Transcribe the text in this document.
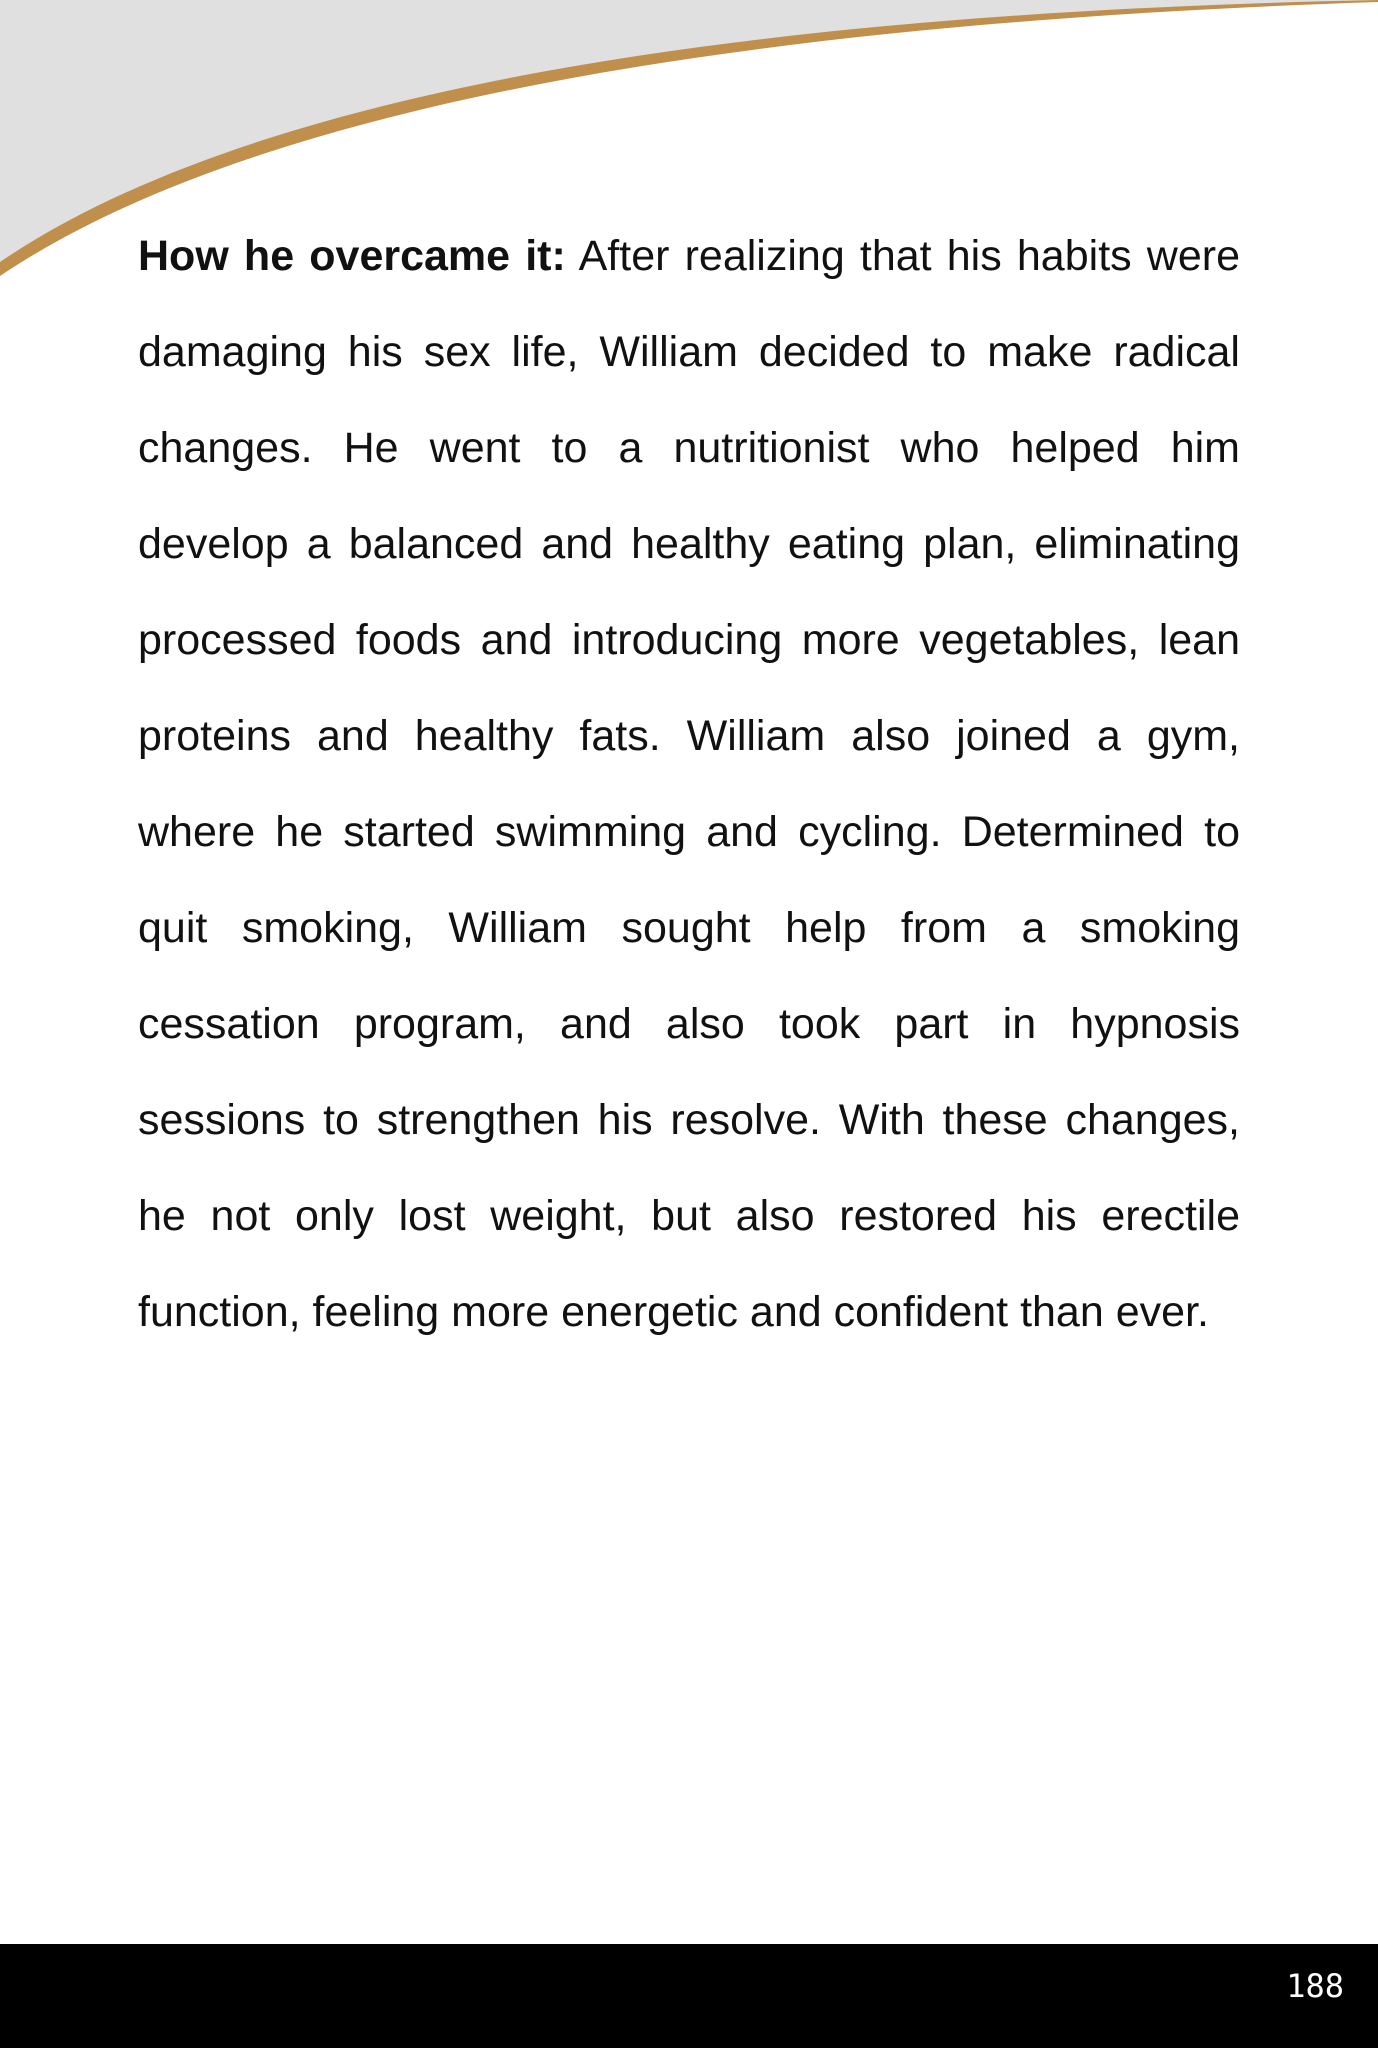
How he overcame it: After realizing that his habits were damaging his sex life, William decided to make radical changes. He went to a nutritionist who helped him develop a balanced and healthy eating plan, eliminating processed foods and introducing more vegetables, lean proteins and healthy fats. William also joined a gym, where he started swimming and cycling. Determined to quit smoking, William sought help from a smoking cessation program, and also took part in hypnosis sessions to strengthen his resolve. With these changes, he not only lost weight, but also restored his erectile function, feeling more energetic and confident than ever.
188
